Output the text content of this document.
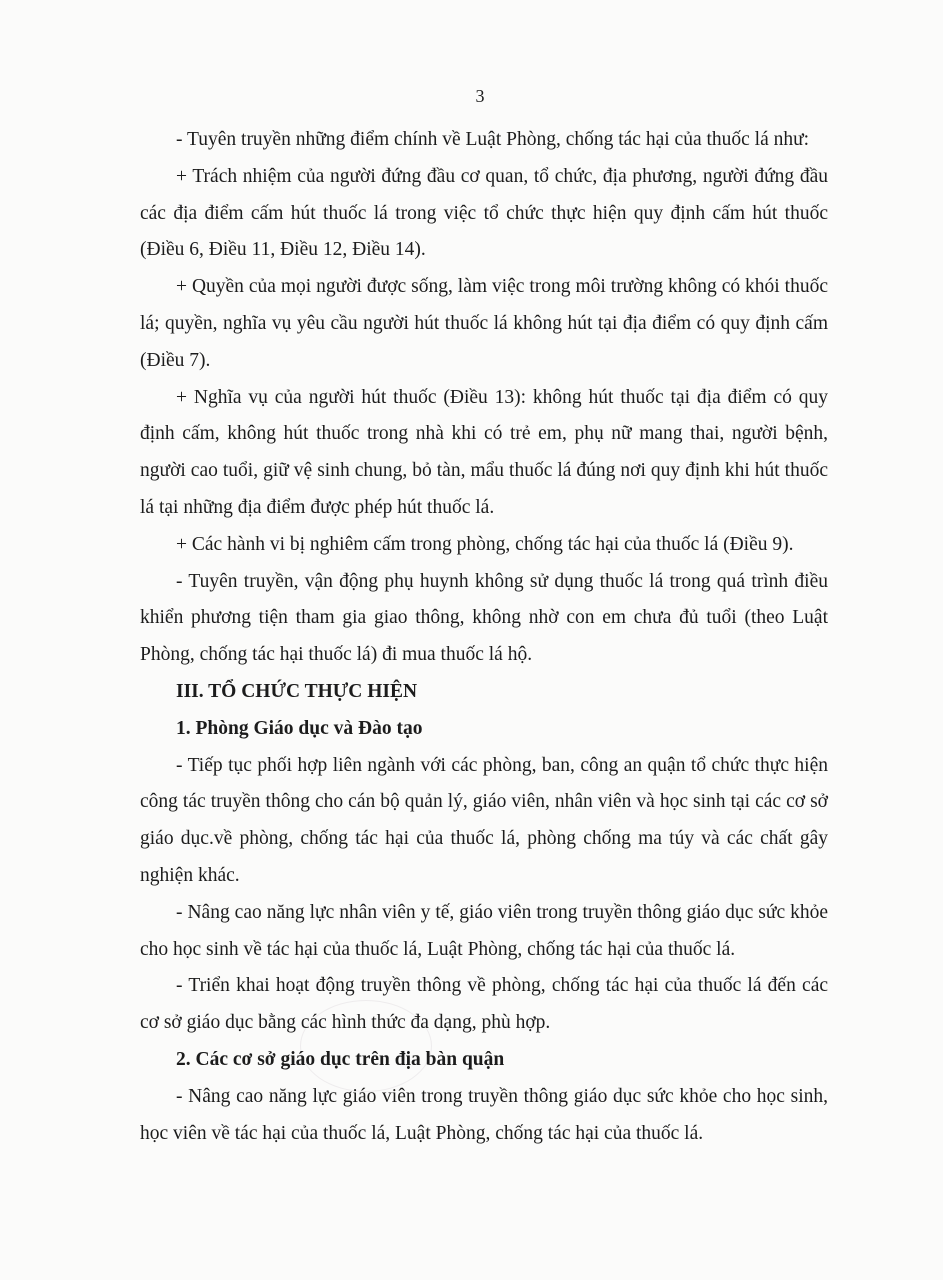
3

- Tuyên truyền những điểm chính về Luật Phòng, chống tác hại của thuốc lá như:

+ Trách nhiệm của người đứng đầu cơ quan, tổ chức, địa phương, người đứng đầu các địa điểm cấm hút thuốc lá trong việc tổ chức thực hiện quy định cấm hút thuốc (Điều 6, Điều 11, Điều 12, Điều 14).

+ Quyền của mọi người được sống, làm việc trong môi trường không có khói thuốc lá; quyền, nghĩa vụ yêu cầu người hút thuốc lá không hút tại địa điểm có quy định cấm (Điều 7).

+ Nghĩa vụ của người hút thuốc (Điều 13): không hút thuốc tại địa điểm có quy định cấm, không hút thuốc trong nhà khi có trẻ em, phụ nữ mang thai, người bệnh, người cao tuổi, giữ vệ sinh chung, bỏ tàn, mẩu thuốc lá đúng nơi quy định khi hút thuốc lá tại những địa điểm được phép hút thuốc lá.

+ Các hành vi bị nghiêm cấm trong phòng, chống tác hại của thuốc lá (Điều 9).

- Tuyên truyền, vận động phụ huynh không sử dụng thuốc lá trong quá trình điều khiển phương tiện tham gia giao thông, không nhờ con em chưa đủ tuổi (theo Luật Phòng, chống tác hại thuốc lá) đi mua thuốc lá hộ.

III. TỔ CHỨC THỰC HIỆN

1. Phòng Giáo dục và Đào tạo

- Tiếp tục phối hợp liên ngành với các phòng, ban, công an quận tổ chức thực hiện công tác truyền thông cho cán bộ quản lý, giáo viên, nhân viên và học sinh tại các cơ sở giáo dục.về phòng, chống tác hại của thuốc lá, phòng chống ma túy và các chất gây nghiện khác.

- Nâng cao năng lực nhân viên y tế, giáo viên trong truyền thông giáo dục sức khỏe cho học sinh về tác hại của thuốc lá, Luật Phòng, chống tác hại của thuốc lá.

- Triển khai hoạt động truyền thông về phòng, chống tác hại của thuốc lá đến các cơ sở giáo dục bằng các hình thức đa dạng, phù hợp.

2. Các cơ sở giáo dục trên địa bàn quận

- Nâng cao năng lực giáo viên trong truyền thông giáo dục sức khỏe cho học sinh, học viên về tác hại của thuốc lá, Luật Phòng, chống tác hại của thuốc lá.
